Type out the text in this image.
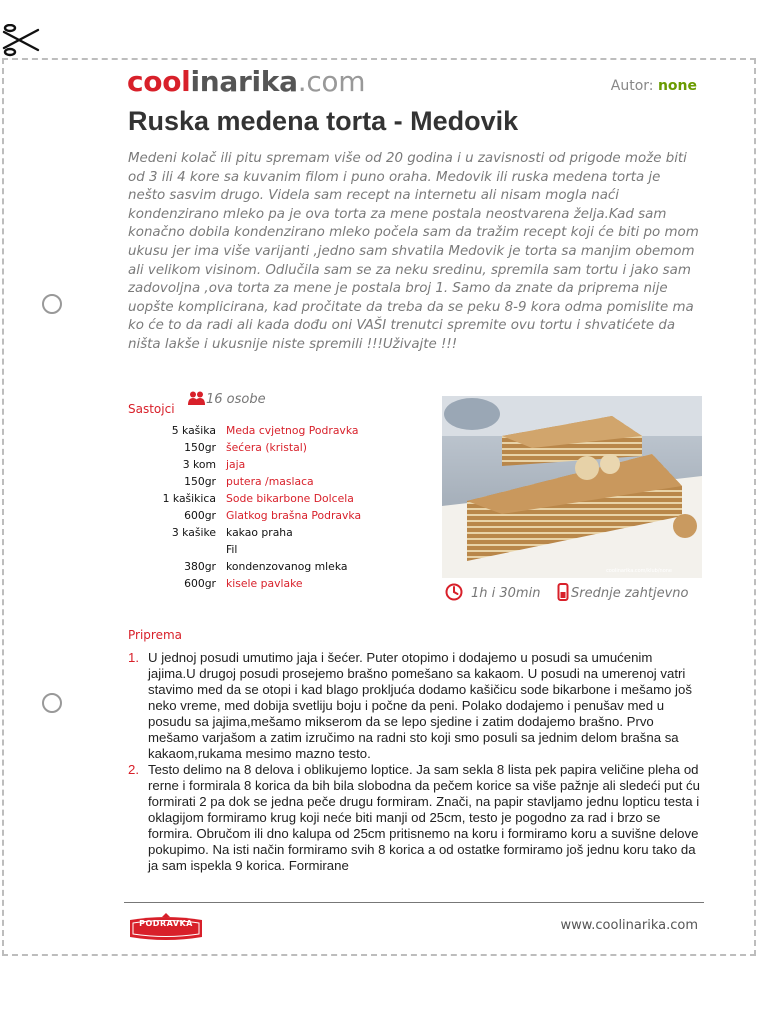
coolinarika.com	Autor: none
Ruska medena torta - Medovik

Medeni kolač ili pitu spremam više od 20 godina i u zavisnosti od prigode može biti od 3 ili 4 kore sa kuvanim filom i puno oraha. Medovik ili ruska medena torta je nešto sasvim drugo. Videla sam recept na internetu ali nisam mogla naći kondenzirano mleko pa je ova torta za mene postala neostvarena želja.Kad sam konačno dobila kondenzirano mleko počela sam da tražim recept koji će biti po mom ukusu jer ima više varijanti ,jedno sam shvatila Medovik je torta sa manjim obemom ali velikom visinom. Odlučila sam se za neku sredinu, spremila sam tortu i jako sam zadovoljna ,ova torta za mene je postala broj 1. Samo da znate da priprema nije uopšte komplicirana, kad pročitate da treba da se peku 8-9 kora odma pomislite ma ko će to da radi ali kada dođu oni VAŠI trenutci spremite ovu tortu i shvatićete da ništa lakše i ukusnije niste spremili !!!Uživajte !!!

16 osobe
Sastojci
5 kašika Meda cvjetnog Podravka
150gr šećera (kristal)
3 kom jaja
150gr putera /maslaca
1 kašikica Sode bikarbone Dolcela
600gr Glatkog brašna Podravka
3 kašike kakao praha
Fil
380gr kondenzovanog mleka
600gr kisele pavlake
coolinarika.com/klub/none
1h i 30min	Srednje zahtjevno
Priprema
1. U jednoj posudi umutimo jaja i šećer. Puter otopimo i dodajemo u posudi sa umućenim jajima.U drugoj posudi prosejemo brašno pomešano sa kakaom. U posudi na umerenoj vatri stavimo med da se otopi i kad blago prokljuća dodamo kašičicu sode bikarbone i mešamo još neko vreme, med dobija svetliju boju i počne da peni. Polako dodajemo i penušav med u posudu sa jajima,mešamo mikserom da se lepo sjedine i zatim dodajemo brašno. Prvo mešamo varjašom a zatim izručimo na radni sto koji smo posuli sa jednim delom brašna sa kakaom,rukama mesimo mazno testo.
2. Testo delimo na 8 delova i oblikujemo loptice. Ja sam sekla 8 lista pek papira veličine pleha od rerne i formirala 8 korica da bih bila slobodna da pečem korice sa više pažnje ali sledeći put ću formirati 2 pa dok se jedna peče drugu formiram. Znači, na papir stavljamo jednu lopticu testa i oklagijom formiramo krug koji neće biti manji od 25cm, testo je pogodno za rad i brzo se formira. Obručom ili dno kalupa od 25cm pritisnemo na koru i formiramo koru a suvišne delove pokupimo. Na isti način formiramo svih 8 korica a od ostatke formiramo još jednu koru tako da ja sam ispekla 9 korica. Formirane
PODRAVKA	www.coolinarika.com
